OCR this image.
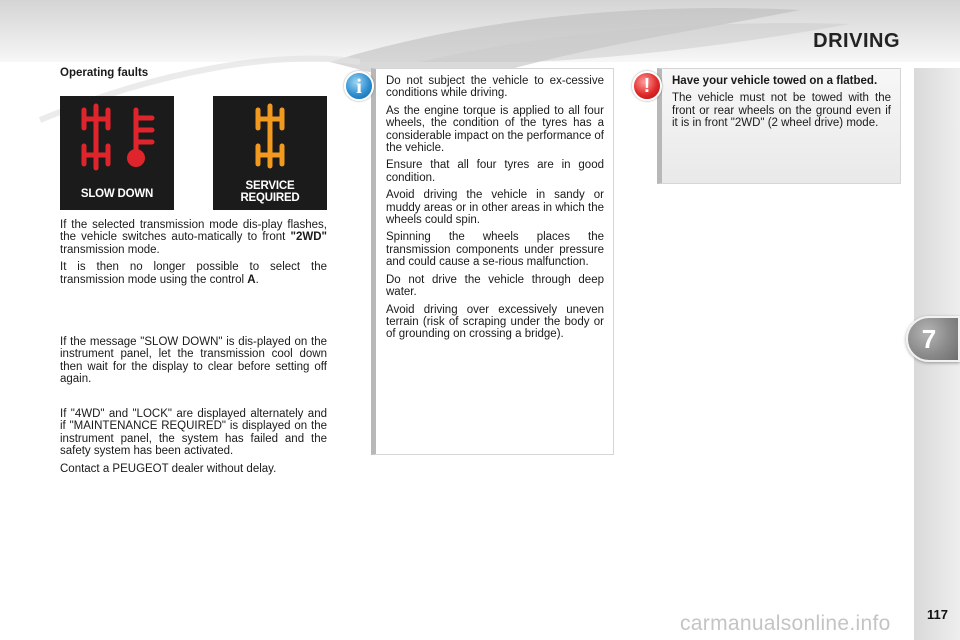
DRIVING
7
Operating faults
SLOW DOWN
SERVICE
REQUIRED

If the selected transmission mode dis-play flashes, the vehicle switches auto-matically to front "2WD" transmission mode.

It is then no longer possible to select the transmission mode using the control A.

If the message "SLOW DOWN" is dis-played on the instrument panel, let the transmission cool down then wait for the display to clear before setting off again.

If "4WD" and "LOCK" are displayed alternately and if "MAINTENANCE REQUIRED" is displayed on the instrument panel, the system has failed and the safety system has been activated.

Contact a PEUGEOT dealer without delay.

Do not subject the vehicle to ex-cessive conditions while driving.

As the engine torque is applied to all four wheels, the condition of the tyres has a considerable impact on the performance of the vehicle.

Ensure that all four tyres are in good condition.

Avoid driving the vehicle in sandy or muddy areas or in other areas in which the wheels could spin.

Spinning the wheels places the transmission components under pressure and could cause a se-rious malfunction.

Do not drive the vehicle through deep water.

Avoid driving over excessively uneven terrain (risk of scraping under the body or of grounding on crossing a bridge).

i	Have your vehicle towed on a flatbed.

The vehicle must not be towed with the front or rear wheels on the ground even if it is in front "2WD" (2 wheel drive) mode.

!
117
carmanualsonline.info
